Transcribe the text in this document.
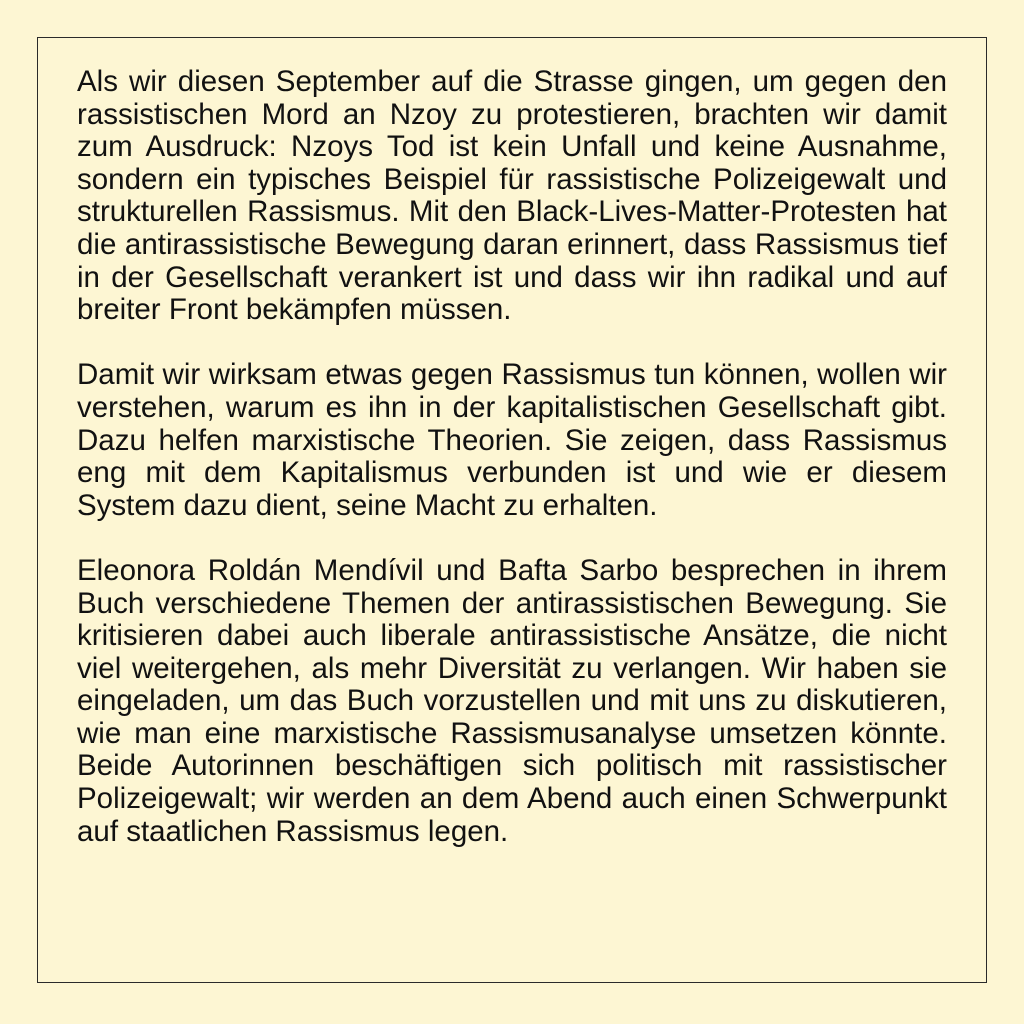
Als wir diesen September auf die Strasse gingen, um gegen den rassistischen Mord an Nzoy zu protestieren, brachten wir damit zum Ausdruck: Nzoys Tod ist kein Unfall und keine Ausnahme, sondern ein typisches Beispiel für rassistische Polizeigewalt und strukturellen Rassismus. Mit den Black-Lives-Matter-Protesten hat die antirassistische Bewegung daran erinnert, dass Rassismus tief in der Gesellschaft verankert ist und dass wir ihn radikal und auf breiter Front bekämpfen müssen.

Damit wir wirksam etwas gegen Rassismus tun können, wollen wir verstehen, warum es ihn in der kapitalistischen Gesellschaft gibt. Dazu helfen marxistische Theorien. Sie zeigen, dass Rassismus eng mit dem Kapitalismus verbunden ist und wie er diesem System dazu dient, seine Macht zu erhalten.

Eleonora Roldán Mendívil und Bafta Sarbo besprechen in ihrem Buch verschiedene Themen der antirassistischen Bewegung. Sie kritisieren dabei auch liberale antirassistische Ansätze, die nicht viel weitergehen, als mehr Diversität zu verlangen. Wir haben sie eingeladen, um das Buch vorzustellen und mit uns zu diskutieren, wie man eine marxistische Rassismusanalyse umsetzen könnte. Beide Autorinnen beschäftigen sich politisch mit rassistischer Polizeigewalt; wir werden an dem Abend auch einen Schwerpunkt auf staatlichen Rassismus legen.
